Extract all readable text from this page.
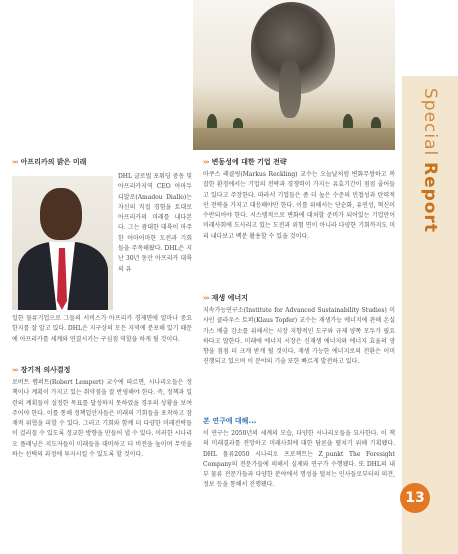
Special
Report
››› 아프리카의 밝은 미래
DHL 글로벌 포워딩 중동 및 아프리카지역 CEO 아마두 디알로(Amadou Diallo)는 자신의 직접 경험을 토대로 아프리카의 미래를 내다본다. 그는 광대한 대륙이 마주한 어마어마한 도전과 기회들을 주목해왔다. DHL은 지난 30년 동안 아프리카 대륙의 유
일한 물류기업으로 그들의 서비스가 아프리카 경제면에 얼마나 중요한지를 잘 알고 있다. DHL은 지구상의 모든 지역에 분포해 있기 때문에 아프리카를 세계와 연결시키는 구심점 역할을 하게 될 것이다.
››› 장기적 의사결정
로버트 렘퍼트(Robert Lempert) 교수에 따르면, 시나리오들은 정책이나 계획이 가지고 있는 취약점을 잘 반영해야 한다. 즉, 정책과 일련의 계획들이 설정한 목표를 달성하지 못하였을 경우의 상황을 보여주어야 한다. 이를 통해 정책입안자들은 미래의 기회들을 포착하고 잠재적 위협을 피할 수 있다. 그러고 기회와 함께 더 다양한 미래전략들이 걸러질 수 있도록 정교한 방향을 만들어 낼 수 있다. 이러한 시나리오 플래닝은 지도자들이 미래들을 대비하고 더 비전을 높이며 무엇을 하는 선택의 과정에 투자시킬 수 있도록 할 것이다.
››› 변동성에 대한 기업 전략
마쿠스 레클링(Markus Reckling) 교수는 오늘날처럼 변화무쌍하고 복잡한 환경에서는 기업의 전략과 경쟁력이 가지는 유효기간이 점점 줄어들고 있다고 주장한다. 따라서 기업들은 좀 더 높은 수준의 민첩성과 탄력적인 전략을 가지고 대응해야만 한다. 이를 위해서는 단순화, 유연성, 혁신이 수반되어야 한다. 시스템적으로 변화에 대처할 준비가 되어있는 기업만이 미래사회에 도사리고 있는 도전과 위험 면이 아니라 다양한 기회까지도 미리 내다보고 백분 활용할 수 있을 것이다.
››› 재생 에너지
지속가능연구소(Institute for Advanced Sustainability Studies) 이사인 클라우스 토퍼(Klaus Topfer) 교수는 재생가능 에너지에 관해 온실 가스 배출 감소를 위해서는 시장 지향적인 도구와 규제 양쪽 모두가 필요하다고 말한다. 미래에 에너지 시장은 신재생 에너지와 에너지 효율의 영향을 점점 더 크게 받게 될 것이다. 재생 가능한 에너지로의 전환은 이미 진행되고 있으며 이 분야의 기술 또한 빠르게 발전하고 있다.
본 연구에 대해...
이 연구는 2050년의 세계의 모습, 다양한 시나리오들을 묘사한다. 이 책의 미래결과를 전망하고 미래사회에 대한 담론을 펼치기 위해 기획됐다. DHL 물류2050 시나리오 프로젝트는 Z_punkt The Foresight Company의 전문가들에 의해서 실제와 연구가 수행됐다. 또 DHL의 내부 물류 전문가들과 다양한 분야에서 명성을 떨치는 인사들로부터의 의견, 정보 등을 통해서 진행됐다.
13
